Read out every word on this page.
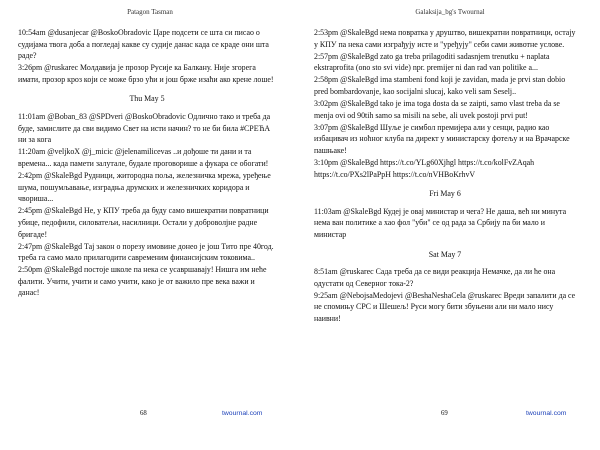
Patagon Tasman

10:54am @dusanjecar @BoskoObradovic Царе подсети се шта си писао о судијама твога доба а погледај какве су судије данас када се краде они шта раде?

3:26pm @ruskarec Молдавија је прозор Русије ка Балкану. Није згорега имати, прозор кроз који се може брзо ући и још брже изаћи ако крене лоше!

Thu May 5

11:01am @Boban_83 @SPDveri @BoskoObradovic Одлично тако и треба да буде, замислите да сви видимо Свет на исти начин? то не би била #СРЕЋА ни за кога

11:20am @veljkoX @j_micic @jelenamilicevas ..и дођоше ти дани и та времена... када памети залутале, будале проговорише а фукара се обогати!

2:42pm @SkaleBgd Рудници, житородна поља, железничка мрежа, уређење шума, пошумљавање, изградња друмских и железничких коридора и чвориша...

2:45pm @SkaleBgd Не, у КПУ треба да буду само вишекратни повратници убице, педофили, силоватељи, насилници. Остали у доброволјне радне бригаде!

2:47pm @SkaleBgd Тај закон о порезу имовине донео је још Тито пре 40год. треба га само мало прилагодити савременим финансијским токовима..

2:50pm @SkaleBgd постоје школе па нека се усавршавају! Нишга им неће фалити. Учити, учити и само учити, како је от важило пре века важи и данас!

68	twournal.com
Galaksija_bg's Twournal

2:53pm @SkaleBgd нема повратка у друштво, вишекратни повратници, остају у КПУ па нека сами изграђују исте и "уређују" себи сами животне услове.

2:57pm @SkaleBgd zato ga treba prilagoditi sadasnjem trenutku + naplata ekstraprofita (ono sto svi vide) npr. premijer ni dan rad van politike a...

2:58pm @SkaleBgd ima stambeni fond koji je zavidan, mada je prvi stan dobio pred bombardovanje, kao socijalni slucaj, kako veli sam Seselj..

3:02pm @SkaleBgd tako je ima toga dosta da se zaipti, samo vlast treba da se menja ovi od 90tih samo sa misili na sebe, ali uvek postoji prvi put!

3:07pm @SkaleBgd Шуље је симбол премијера али у сенци, радио као избацивач из ноћног клуба па директ у министарску фотељу и на Врачарске пашњаке!

3:10pm @SkaleBgd https://t.co/YLg60Xjhgl https://t.co/kolFvZAqah https://t.co/PXs2lPaPpH https://t.co/nVHBoKrhvV

Fri May 6

11:03am @SkaleBgd Кудеј је овај министар и чега? Не даша, већ ни минута нема ван политике а хао фол "уби" се од рада за Србију па би мало и министар

Sat May 7

8:51am @ruskarec Сада треба да се види реакција Немачке, да ли ће она одустати од Северног тока-2?

9:25am @NebojsaMedojevi @BeshaNeshaCela @ruskarec Вреди запалити да се не спомињу СРС и Шешељ! Руси могу бити збуњени али ни мало нису наивни!

69	twournal.com
